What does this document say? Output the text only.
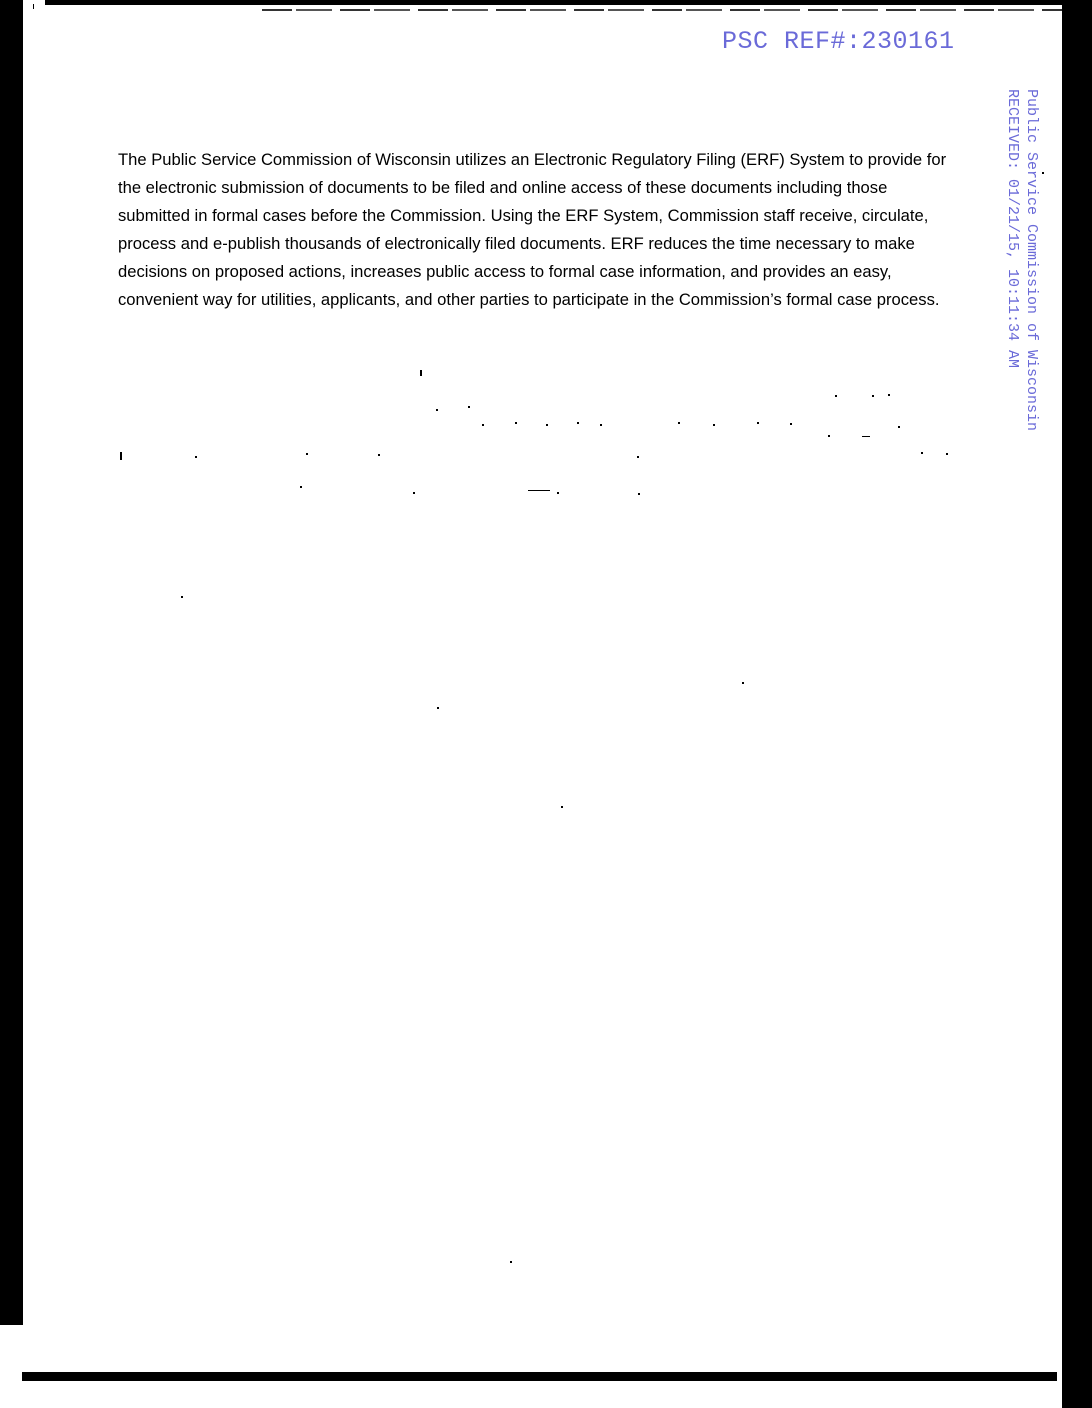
PSC REF#:230161

Public Service Commission of Wisconsin
RECEIVED: 01/21/15, 10:11:34 AM

The Public Service Commission of Wisconsin utilizes an Electronic Regulatory Filing (ERF) System to provide for the electronic submission of documents to be filed and online access of these documents including those submitted in formal cases before the Commission. Using the ERF System, Commission staff receive, circulate, process and e-publish thousands of electronically filed documents. ERF reduces the time necessary to make decisions on proposed actions, increases public access to formal case information, and provides an easy, convenient way for utilities, applicants, and other parties to participate in the Commission’s formal case process.
